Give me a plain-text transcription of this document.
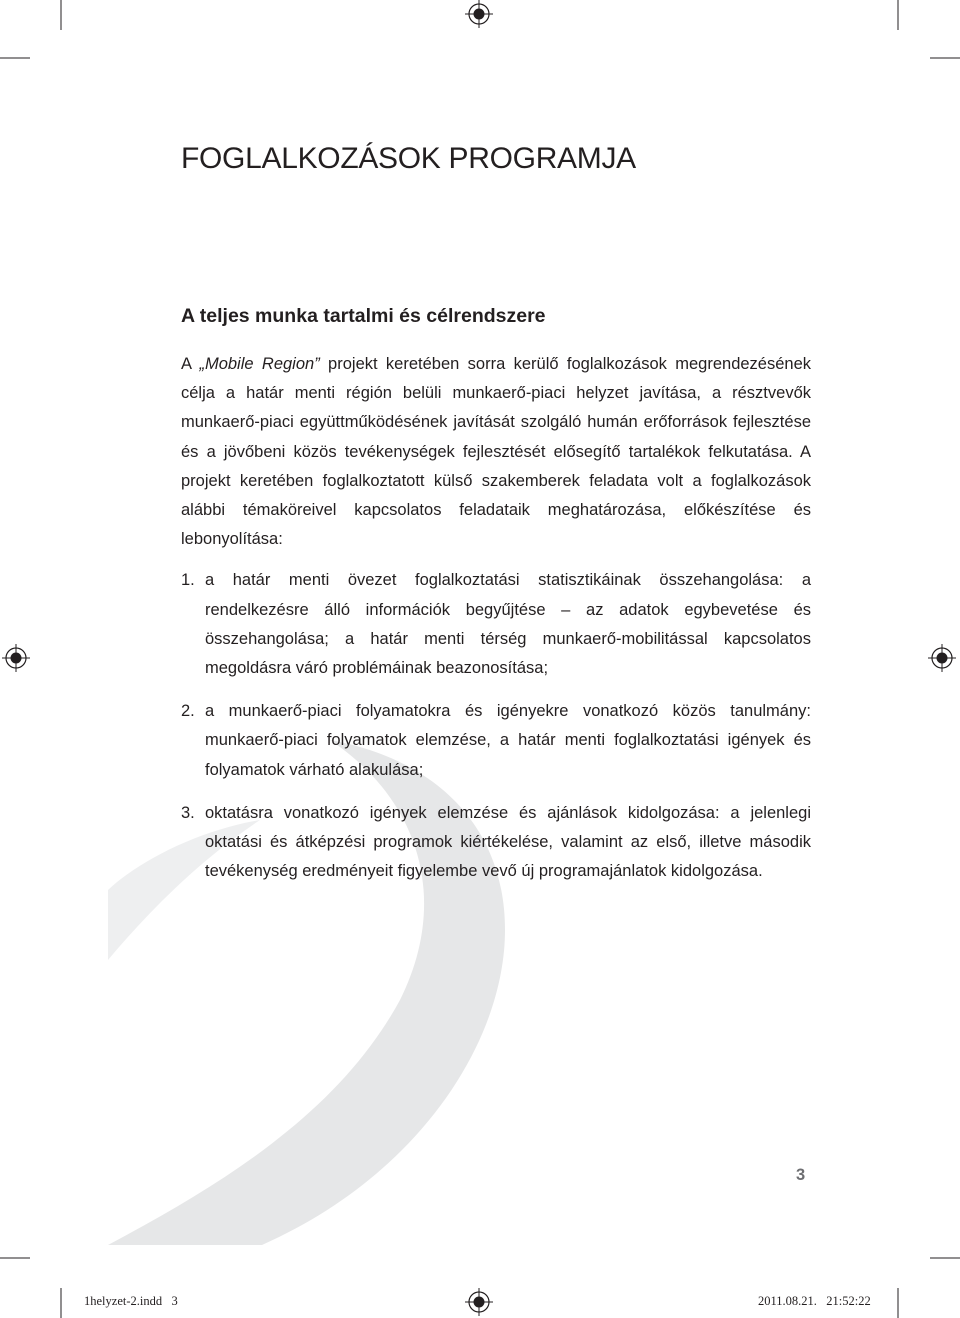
FOGLALKOZÁSOK PROGRAMJA
A teljes munka tartalmi és célrendszere

A „Mobile Region” projekt keretében sorra kerülő foglalkozások megrendezésének célja a határ menti régión belüli munkaerő-piaci helyzet javítása, a résztvevők munkaerő-piaci együttműködésének javítását szolgáló humán erőforrások fejlesztése és a jövőbeni közös tevékenységek fejlesztését elősegítő tartalékok felkutatása. A projekt keretében foglalkoztatott külső szakemberek feladata volt a foglalkozások alábbi témaköreivel kapcsolatos feladataik meghatározása, előkészítése és lebonyolítása:

1. a határ menti övezet foglalkoztatási statisztikáinak összehangolása: a rendelkezésre álló információk begyűjtése – az adatok egybevetése és összehangolása; a határ menti térség munkaerő-mobilitással kapcsolatos megoldásra váró problémáinak beazonosítása;
2. a munkaerő-piaci folyamatokra és igényekre vonatkozó közös tanulmány: munkaerő-piaci folyamatok elemzése, a határ menti foglalkoztatási igények és folyamatok várható alakulása;
3. oktatásra vonatkozó igények elemzése és ajánlások kidolgozása: a jelenlegi oktatási és átképzési programok kiértékelése, valamint az első, illetve második tevékenység eredményeit figyelembe vevő új programajánlatok kidolgozása.
3
1helyzet-2.indd   3	2011.08.21.   21:52:22
